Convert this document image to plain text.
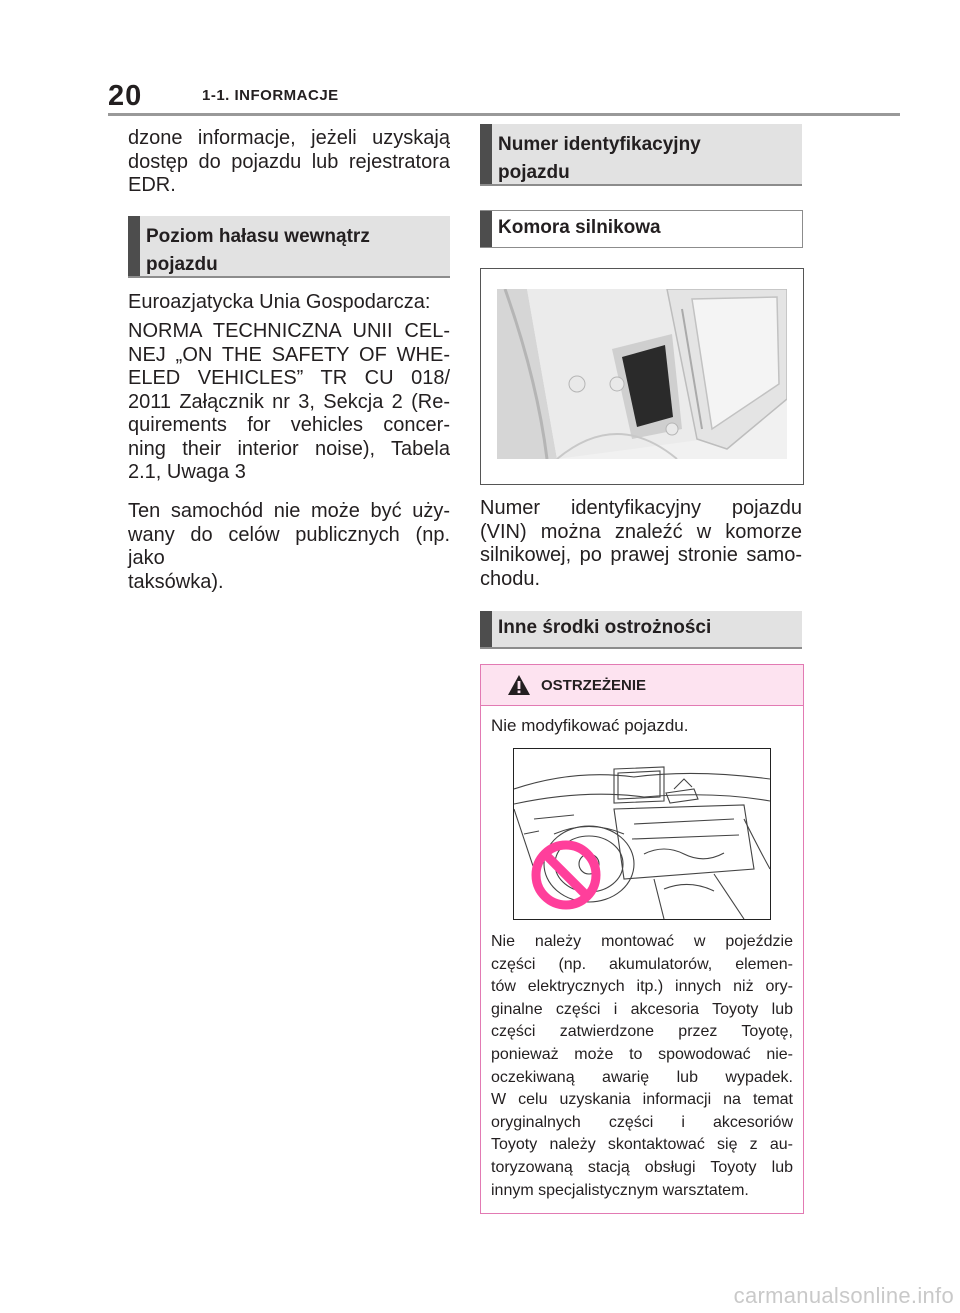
20	1-1. INFORMACJE
dzone informacje, jeżeli uzyskają
dostęp do pojazdu lub rejestratora
EDR.
Poziom hałasu wewnątrz
pojazdu
Euroazjatycka Unia Gospodarcza:
NORMA TECHNICZNA UNII CEL-
NEJ „ON THE SAFETY OF WHE-
ELED VEHICLES” TR CU 018/
2011 Załącznik nr 3, Sekcja 2 (Re-
quirements for vehicles concer-
ning their interior noise), Tabela
2.1, Uwaga 3
Ten samochód nie może być uży-
wany do celów publicznych (np. jako
taksówka).
Numer identyfikacyjny
pojazdu
Komora silnikowa
Numer identyfikacyjny pojazdu
(VIN) można znaleźć w komorze
silnikowej, po prawej stronie samo-
chodu.
Inne środki ostrożności
OSTRZEŻENIE
Nie modyfikować pojazdu.
Nie należy montować w pojeździe
części (np. akumulatorów, elemen-
tów elektrycznych itp.) innych niż ory-
ginalne części i akcesoria Toyoty lub
części zatwierdzone przez Toyotę,
ponieważ może to spowodować nie-
oczekiwaną awarię lub wypadek.
W celu uzyskania informacji na temat
oryginalnych części i akcesoriów
Toyoty należy skontaktować się z au-
toryzowaną stacją obsługi Toyoty lub
innym specjalistycznym warsztatem.
carmanualsonline.info
